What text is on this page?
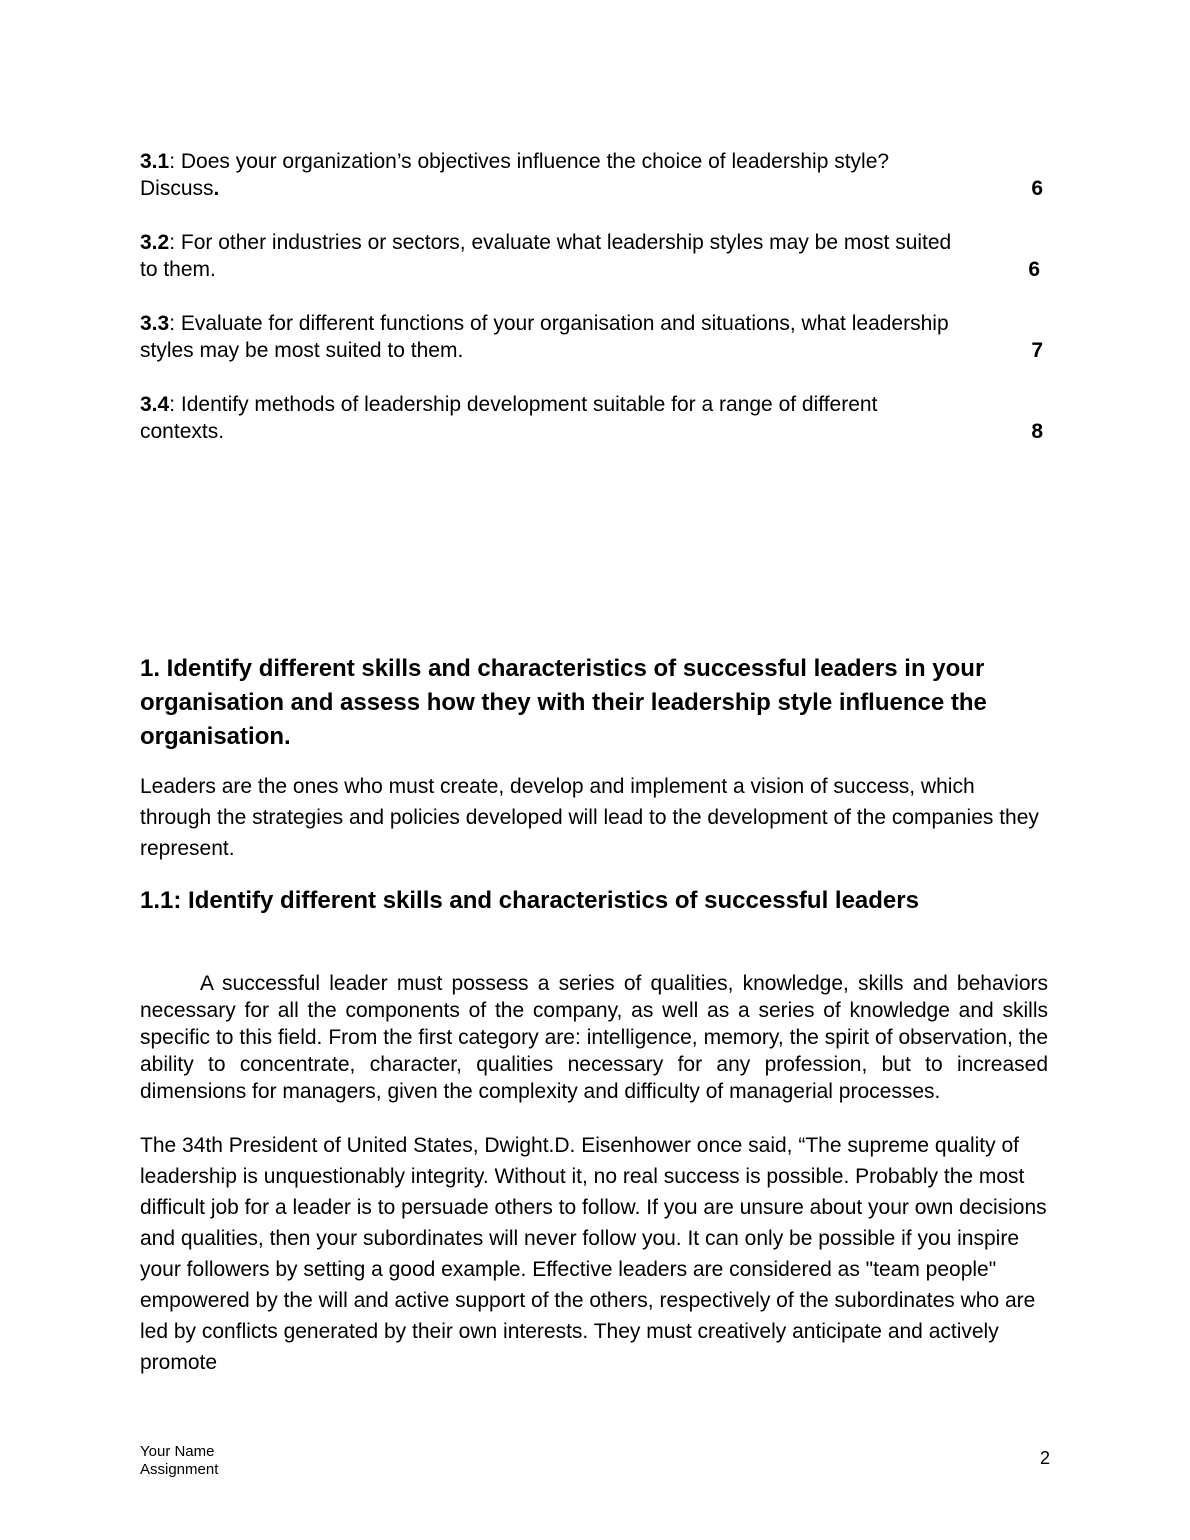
3.1: Does your organization’s objectives influence the choice of leadership style?
Discuss.	6
3.2: For other industries or sectors, evaluate what leadership styles may be most suited
to them.	6
3.3: Evaluate for different functions of your organisation and situations, what leadership
styles may be most suited to them.	7
3.4: Identify methods of leadership development suitable for a range of different
contexts.	8
1. Identify different skills and characteristics of successful leaders in your organisation and assess how they with their leadership style influence the organisation.
Leaders are the ones who must create, develop and implement a vision of success, which through the strategies and policies developed will lead to the development of the companies they represent.
1.1: Identify different skills and characteristics of successful leaders
A successful leader must possess a series of qualities, knowledge, skills and behaviors necessary for all the components of the company, as well as a series of knowledge and skills specific to this field. From the first category are: intelligence, memory, the spirit of observation, the ability to concentrate, character, qualities necessary for any profession, but to increased dimensions for managers, given the complexity and difficulty of managerial processes.
The 34th President of United States, Dwight.D. Eisenhower once said, “The supreme quality of leadership is unquestionably integrity. Without it, no real success is possible. Probably the most difficult job for a leader is to persuade others to follow. If you are unsure about your own decisions and qualities, then your subordinates will never follow you. It can only be possible if you inspire your followers by setting a good example. Effective leaders are considered as "team people" empowered by the will and active support of the others, respectively of the subordinates who are led by conflicts generated by their own interests. They must creatively anticipate and actively promote
Your Name
Assignment
2
